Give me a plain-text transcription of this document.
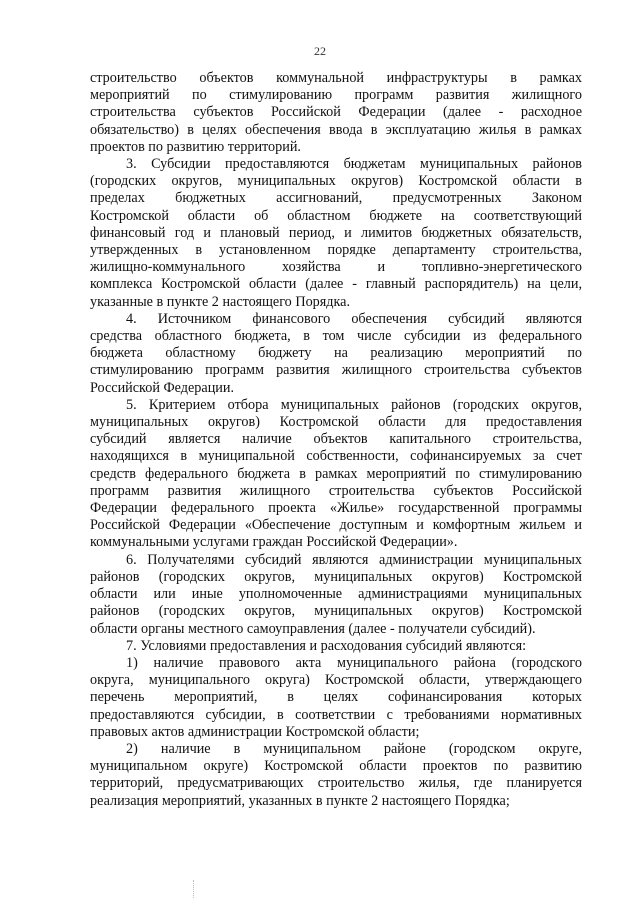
22
строительство объектов коммунальной инфраструктуры в рамках
мероприятий по стимулированию программ развития жилищного
строительства субъектов Российской Федерации (далее - расходное
обязательство) в целях обеспечения ввода в эксплуатацию жилья в рамках
проектов по развитию территорий.
3. Субсидии предоставляются бюджетам муниципальных районов
(городских округов, муниципальных округов) Костромской области в
пределах бюджетных ассигнований, предусмотренных Законом
Костромской области об областном бюджете на соответствующий
финансовый год и плановый период, и лимитов бюджетных обязательств,
утвержденных в установленном порядке департаменту строительства,
жилищно-коммунального хозяйства и топливно-энергетического
комплекса Костромской области (далее - главный распорядитель) на цели,
указанные в пункте 2 настоящего Порядка.
4. Источником финансового обеспечения субсидий являются
средства областного бюджета, в том числе субсидии из федерального
бюджета областному бюджету на реализацию мероприятий по
стимулированию программ развития жилищного строительства субъектов
Российской Федерации.
5. Критерием отбора муниципальных районов (городских округов,
муниципальных округов) Костромской области для предоставления
субсидий является наличие объектов капитального строительства,
находящихся в муниципальной собственности, софинансируемых за счет
средств федерального бюджета в рамках мероприятий по стимулированию
программ развития жилищного строительства субъектов Российской
Федерации федерального проекта «Жилье» государственной программы
Российской Федерации «Обеспечение доступным и комфортным жильем и
коммунальными услугами граждан Российской Федерации».
6. Получателями субсидий являются администрации муниципальных
районов (городских округов, муниципальных округов) Костромской
области или иные уполномоченные администрациями муниципальных
районов (городских округов, муниципальных округов) Костромской
области органы местного самоуправления (далее - получатели субсидий).
7. Условиями предоставления и расходования субсидий являются:
1) наличие правового акта муниципального района (городского
округа, муниципального округа) Костромской области, утверждающего
перечень мероприятий, в целях софинансирования которых
предоставляются субсидии, в соответствии с требованиями нормативных
правовых актов администрации Костромской области;
2) наличие в муниципальном районе (городском округе,
муниципальном округе) Костромской области проектов по развитию
территорий, предусматривающих строительство жилья, где планируется
реализация мероприятий, указанных в пункте 2 настоящего Порядка;
